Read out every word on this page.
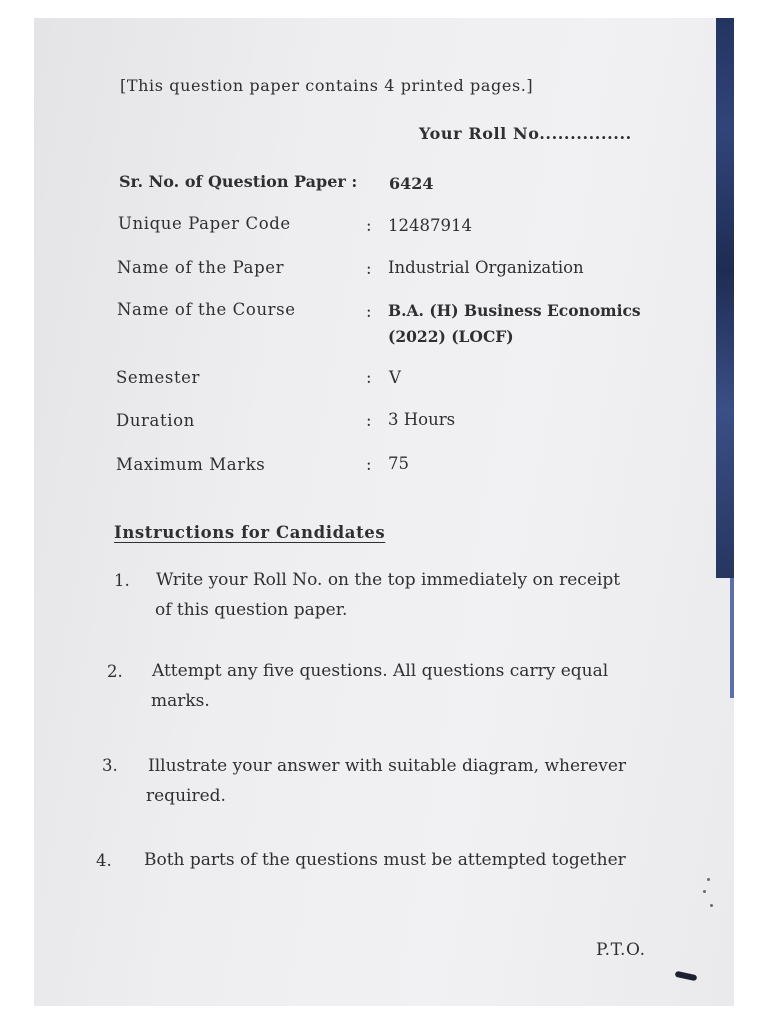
[This question paper contains 4 printed pages.]
Your Roll No...............
Sr. No. of Question Paper : 6424
Unique Paper Code	: 12487914
Name of the Paper	: Industrial Organization
Name of the Course	: B.A. (H) Business Economics
(2022) (LOCF)
Semester	: V
Duration	: 3 Hours
Maximum Marks	: 75
Instructions for Candidates
1. Write your Roll No. on the top immediately on receipt
of this question paper.
2. Attempt any five questions. All questions carry equal
marks.
3. Illustrate your answer with suitable diagram, wherever
required.
4. Both parts of the questions must be attempted together
P.T.O.
